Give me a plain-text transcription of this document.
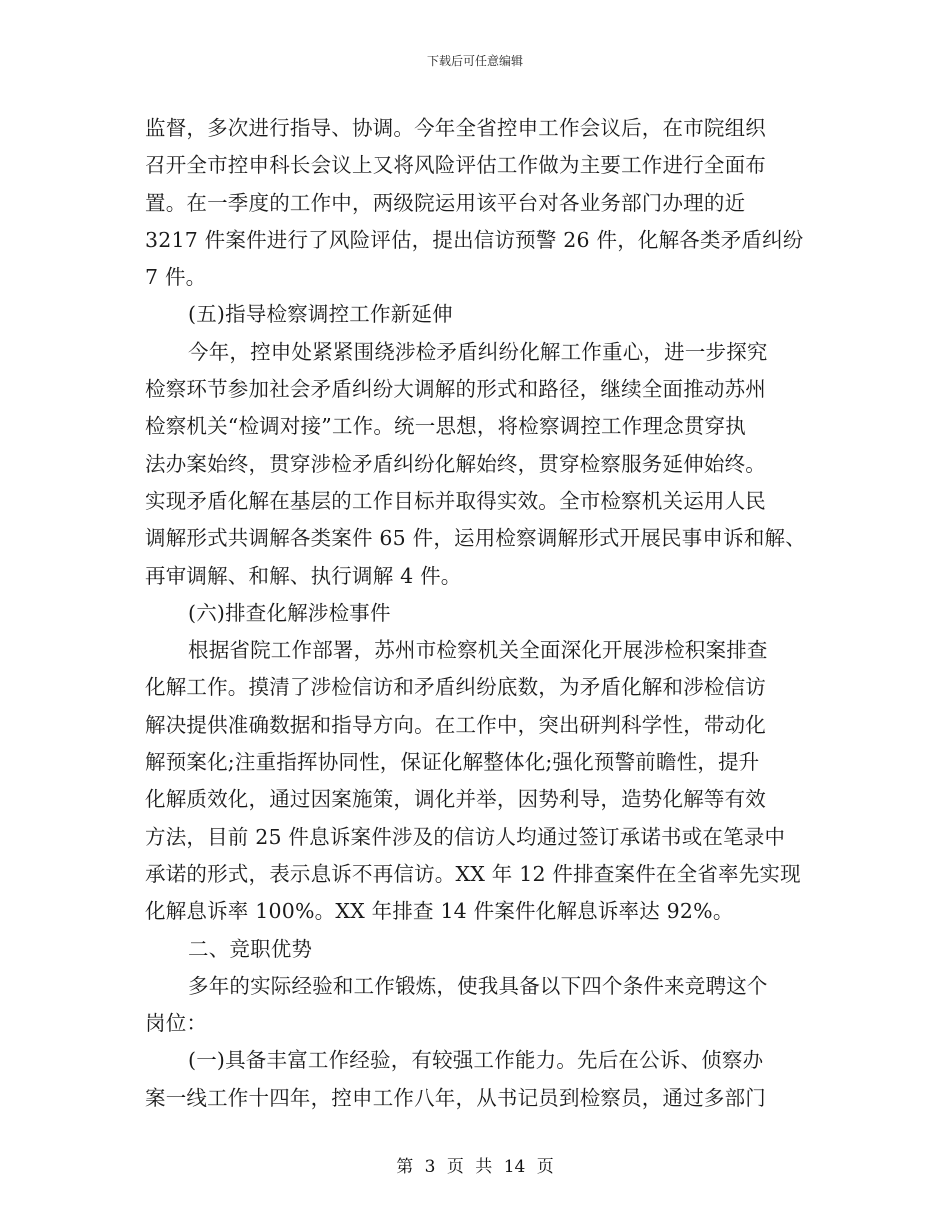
下载后可任意编辑
监督，多次进行指导、协调。今年全省控申工作会议后，在市院组织
召开全市控申科长会议上又将风险评估工作做为主要工作进行全面布
置。在一季度的工作中，两级院运用该平台对各业务部门办理的近
3217 件案件进行了风险评估，提出信访预警 26 件，化解各类矛盾纠纷
7 件。
(五)指导检察调控工作新延伸
今年，控申处紧紧围绕涉检矛盾纠纷化解工作重心，进一步探究
检察环节参加社会矛盾纠纷大调解的形式和路径，继续全面推动苏州
检察机关“检调对接”工作。统一思想，将检察调控工作理念贯穿执
法办案始终，贯穿涉检矛盾纠纷化解始终，贯穿检察服务延伸始终。
实现矛盾化解在基层的工作目标并取得实效。全市检察机关运用人民
调解形式共调解各类案件 65 件，运用检察调解形式开展民事申诉和解、
再审调解、和解、执行调解 4 件。
(六)排查化解涉检事件
根据省院工作部署，苏州市检察机关全面深化开展涉检积案排查
化解工作。摸清了涉检信访和矛盾纠纷底数，为矛盾化解和涉检信访
解决提供准确数据和指导方向。在工作中，突出研判科学性，带动化
解预案化;注重指挥协同性，保证化解整体化;强化预警前瞻性，提升
化解质效化，通过因案施策，调化并举，因势利导，造势化解等有效
方法，目前 25 件息诉案件涉及的信访人均通过签订承诺书或在笔录中
承诺的形式，表示息诉不再信访。XX 年 12 件排查案件在全省率先实现
化解息诉率 100%。XX 年排查 14 件案件化解息诉率达 92%。
二、竞职优势
多年的实际经验和工作锻炼，使我具备以下四个条件来竞聘这个
岗位：
(一)具备丰富工作经验，有较强工作能力。先后在公诉、侦察办
案一线工作十四年，控申工作八年，从书记员到检察员，通过多部门
第 3 页 共 14 页
